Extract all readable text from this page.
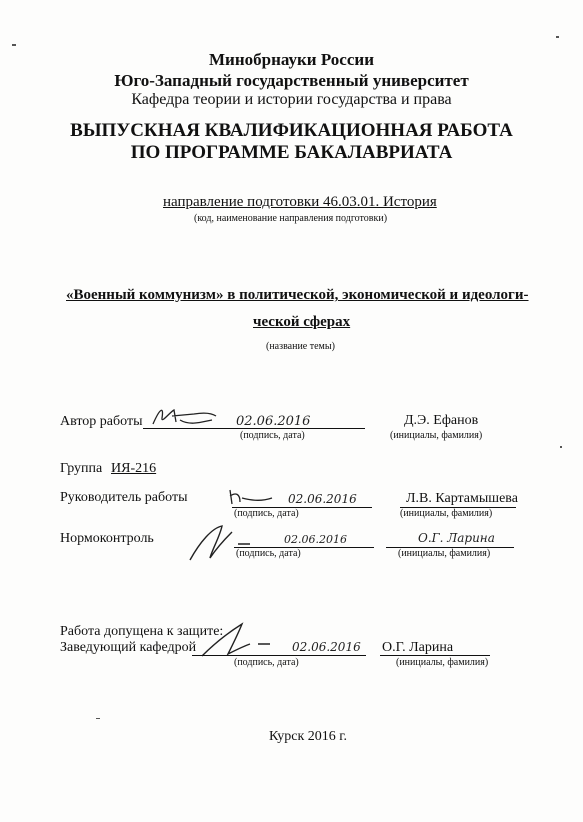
Минобрнауки России
Юго-Западный государственный университет
Кафедра теории и истории государства и права
ВЫПУСКНАЯ КВАЛИФИКАЦИОННАЯ РАБОТА
ПО ПРОГРАММЕ БАКАЛАВРИАТА
направление подготовки 46.03.01. История
(код, наименование направления подготовки)
«Военный коммунизм» в политической, экономической и идеологи-
ческой сферах
(название темы)
Автор работы	02.06.2016
(подпись, дата)
Д.Э. Ефанов
(инициалы, фамилия)
Группа ИЯ-216
Руководитель работы	02.06.2016
(подпись, дата)
Л.В. Картамышева
(инициалы, фамилия)
Нормоконтроль	02.06.2016
(подпись, дата)
О.Г. Ларина
(инициалы, фамилия)
Работа допущена к защите:
Заведующий кафедрой	02.06.2016
(подпись, дата)
О.Г. Ларина
(инициалы, фамилия)
Курск 2016 г.
